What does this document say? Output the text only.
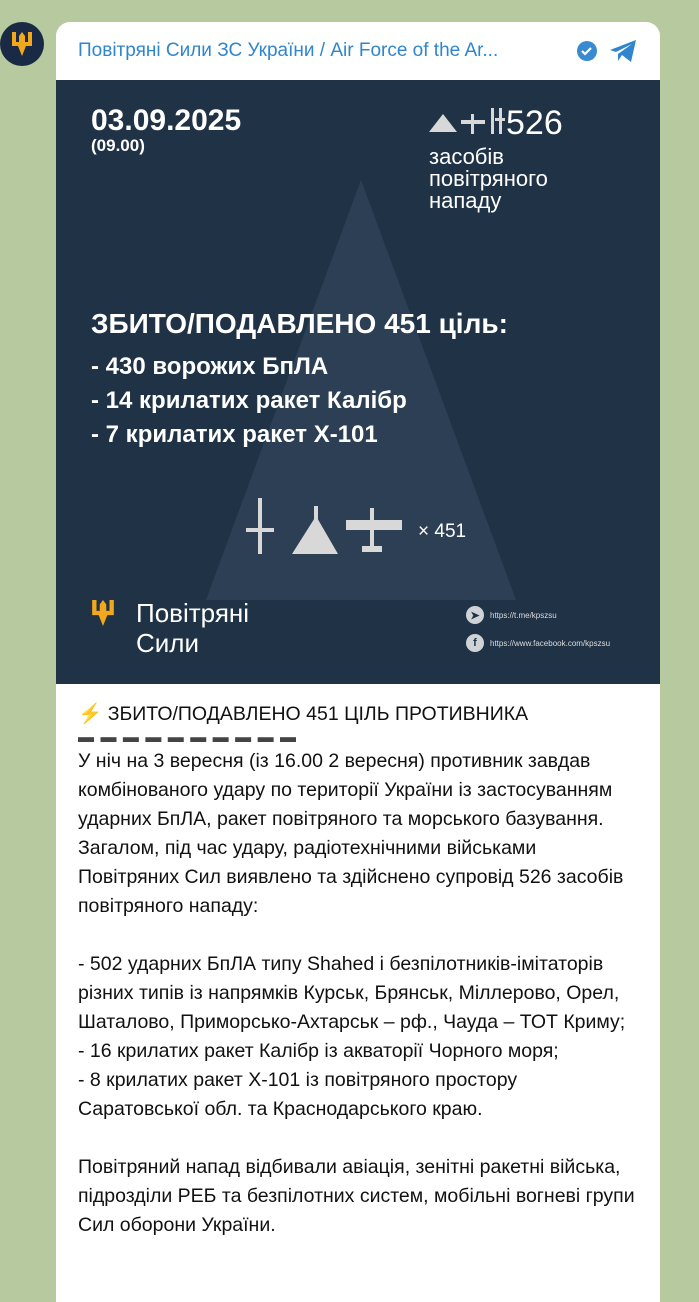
Повітряні Сили ЗС України / Air Force of the Ar...
03.09.2025
(09.00)
526
засобів
повітряного
нападу
ЗБИТО/ПОДАВЛЕНО 451 ціль:
- 430 ворожих БпЛА
- 14 крилатих ракет Калібр
- 7 крилатих ракет Х-101
× 451
Повітряні
Сили
➤	https://t.me/kpszsu
f	https://www.facebook.com/kpszsu

⚡ ЗБИТО/ПОДАВЛЕНО 451 ЦІЛЬ ПРОТИВНИКА

▬ ▬ ▬ ▬ ▬ ▬ ▬ ▬ ▬ ▬

У ніч на 3 вересня (із 16.00 2 вересня) противник завдав комбінованого удару по території України із застосуванням ударних БпЛА, ракет повітряного та морського базування. Загалом, під час удару, радіотехнічними військами Повітряних Сил виявлено та здійснено супровід 526 засобів повітряного нападу:

- 502 ударних БпЛА типу Shahed і безпілотників-імітаторів різних типів із напрямків Курськ, Брянськ, Міллерово, Орел, Шаталово, Приморсько-Ахтарськ – рф., Чауда – ТОТ Криму;

- 16 крилатих ракет Калібр із акваторії Чорного моря;

- 8 крилатих ракет Х-101 із повітряного простору Саратовської обл. та Краснодарського краю.

Повітряний напад відбивали авіація, зенітні ракетні війська, підрозділи РЕБ та безпілотних систем, мобільні вогневі групи Сил оборони України.
